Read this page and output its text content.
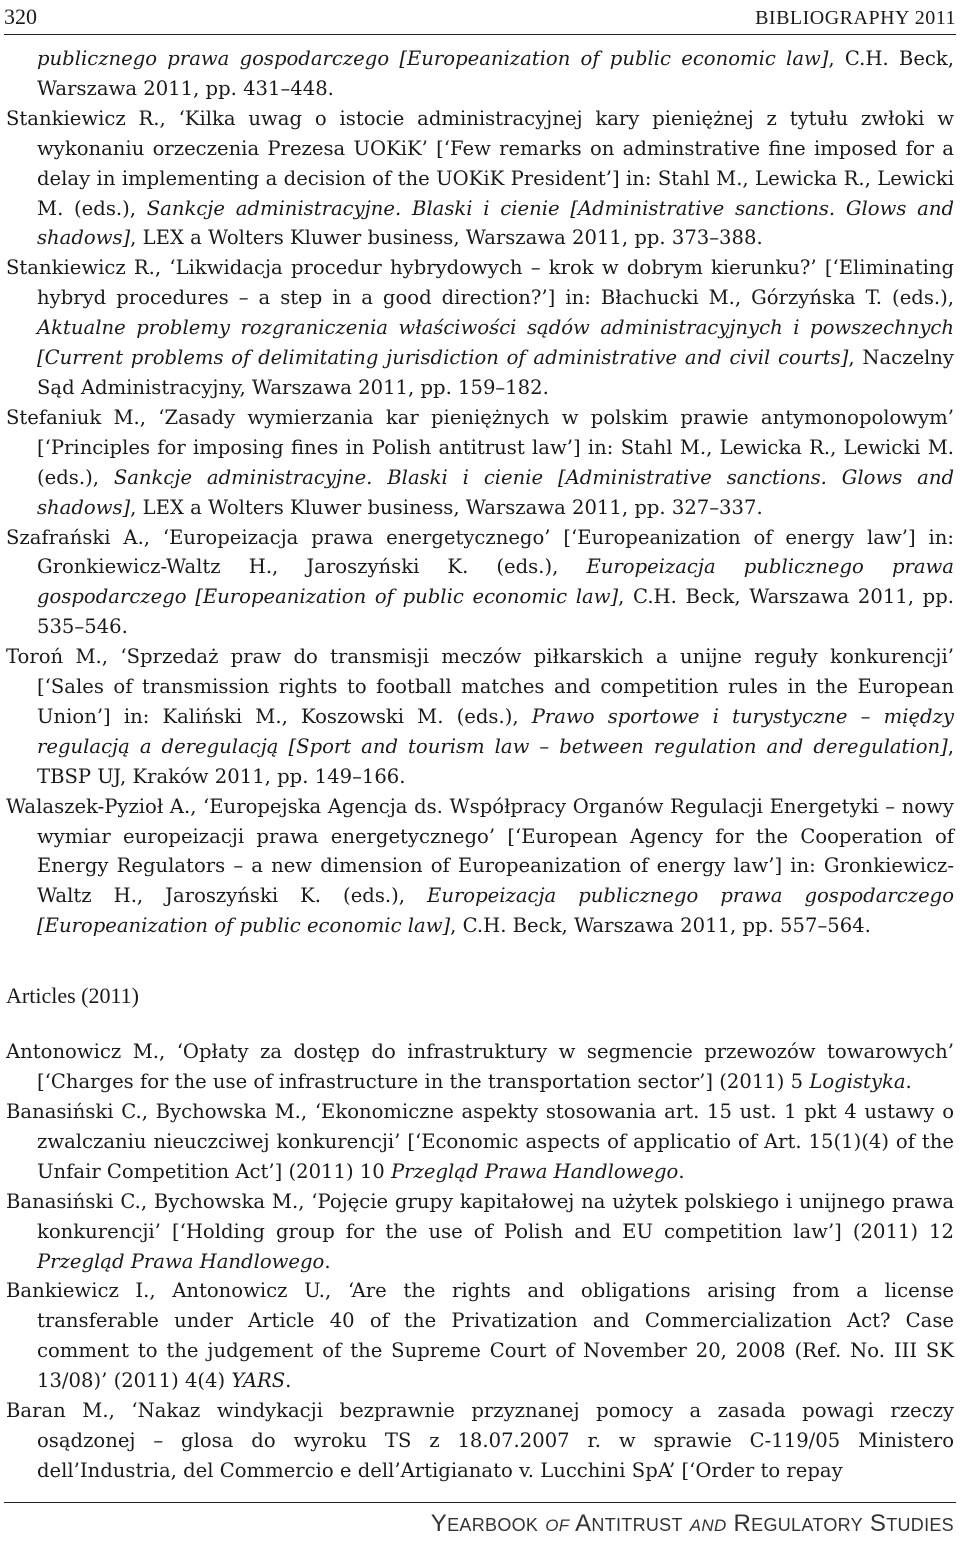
320	BIBLIOGRAPHY 2011

publicznego prawa gospodarczego [Europeanization of public economic law], C.H. Beck, Warszawa 2011, pp. 431–448.

Stankiewicz R., ‘Kilka uwag o istocie administracyjnej kary pieniężnej z tytułu zwłoki w wykonaniu orzeczenia Prezesa UOKiK’ [‘Few remarks on adminstrative fine imposed for a delay in implementing a decision of the UOKiK President’] in: Stahl M., Lewicka R., Lewicki M. (eds.), Sankcje administracyjne. Blaski i cienie [Administrative sanctions. Glows and shadows], LEX a Wolters Kluwer business, Warszawa 2011, pp. 373–388.

Stankiewicz R., ‘Likwidacja procedur hybrydowych – krok w dobrym kierunku?’ [‘Eliminating hybryd procedures – a step in a good direction?’] in: Błachucki M., Górzyńska T. (eds.), Aktualne problemy rozgraniczenia właściwości sądów administracyjnych i powszechnych [Current problems of delimitating jurisdiction of administrative and civil courts], Naczelny Sąd Administracyjny, Warszawa 2011, pp. 159–182.

Stefaniuk M., ‘Zasady wymierzania kar pieniężnych w polskim prawie antymonopolowym’ [‘Principles for imposing fines in Polish antitrust law’] in: Stahl M., Lewicka R., Lewicki M. (eds.), Sankcje administracyjne. Blaski i cienie [Administrative sanctions. Glows and shadows], LEX a Wolters Kluwer business, Warszawa 2011, pp. 327–337.

Szafrański A., ‘Europeizacja prawa energetycznego’ [‘Europeanization of energy law’] in: Gronkiewicz-Waltz H., Jaroszyński K. (eds.), Europeizacja publicznego prawa gospodarczego [Europeanization of public economic law], C.H. Beck, Warszawa 2011, pp. 535–546.

Toroń M., ‘Sprzedaż praw do transmisji meczów piłkarskich a unijne reguły konkurencji’ [‘Sales of transmission rights to football matches and competition rules in the European Union’] in: Kaliński M., Koszowski M. (eds.), Prawo sportowe i turystyczne – między regulacją a deregulacją [Sport and tourism law – between regulation and deregulation], TBSP UJ, Kraków 2011, pp. 149–166.

Walaszek-Pyzioł A., ‘Europejska Agencja ds. Współpracy Organów Regulacji Energetyki – nowy wymiar europeizacji prawa energetycznego’ [‘European Agency for the Cooperation of Energy Regulators – a new dimension of Europeanization of energy law’] in: Gronkiewicz-Waltz H., Jaroszyński K. (eds.), Europeizacja publicznego prawa gospodarczego [Europeanization of public economic law], C.H. Beck, Warszawa 2011, pp. 557–564.

Articles (2011)

Antonowicz M., ‘Opłaty za dostęp do infrastruktury w segmencie przewozów towarowych’ [‘Charges for the use of infrastructure in the transportation sector’] (2011) 5 Logistyka.

Banasiński C., Bychowska M., ‘Ekonomiczne aspekty stosowania art. 15 ust. 1 pkt 4 ustawy o zwalczaniu nieuczciwej konkurencji’ [‘Economic aspects of applicatio of Art. 15(1)(4) of the Unfair Competition Act’] (2011) 10 Przegląd Prawa Handlowego.

Banasiński C., Bychowska M., ‘Pojęcie grupy kapitałowej na użytek polskiego i unijnego prawa konkurencji’ [‘Holding group for the use of Polish and EU competition law’] (2011) 12 Przegląd Prawa Handlowego.

Bankiewicz I., Antonowicz U., ‘Are the rights and obligations arising from a license transferable under Article 40 of the Privatization and Commercialization Act? Case comment to the judgement of the Supreme Court of November 20, 2008 (Ref. No. III SK 13/08)’ (2011) 4(4) YARS.

Baran M., ‘Nakaz windykacji bezprawnie przyznanej pomocy a zasada powagi rzeczy osądzonej – glosa do wyroku TS z 18.07.2007 r. w sprawie C-119/05 Ministero dell’Industria, del Commercio e dell’Artigianato v. Lucchini SpA’ [‘Order to repay

YEARBOOK OF ANTITRUST AND REGULATORY STUDIES
